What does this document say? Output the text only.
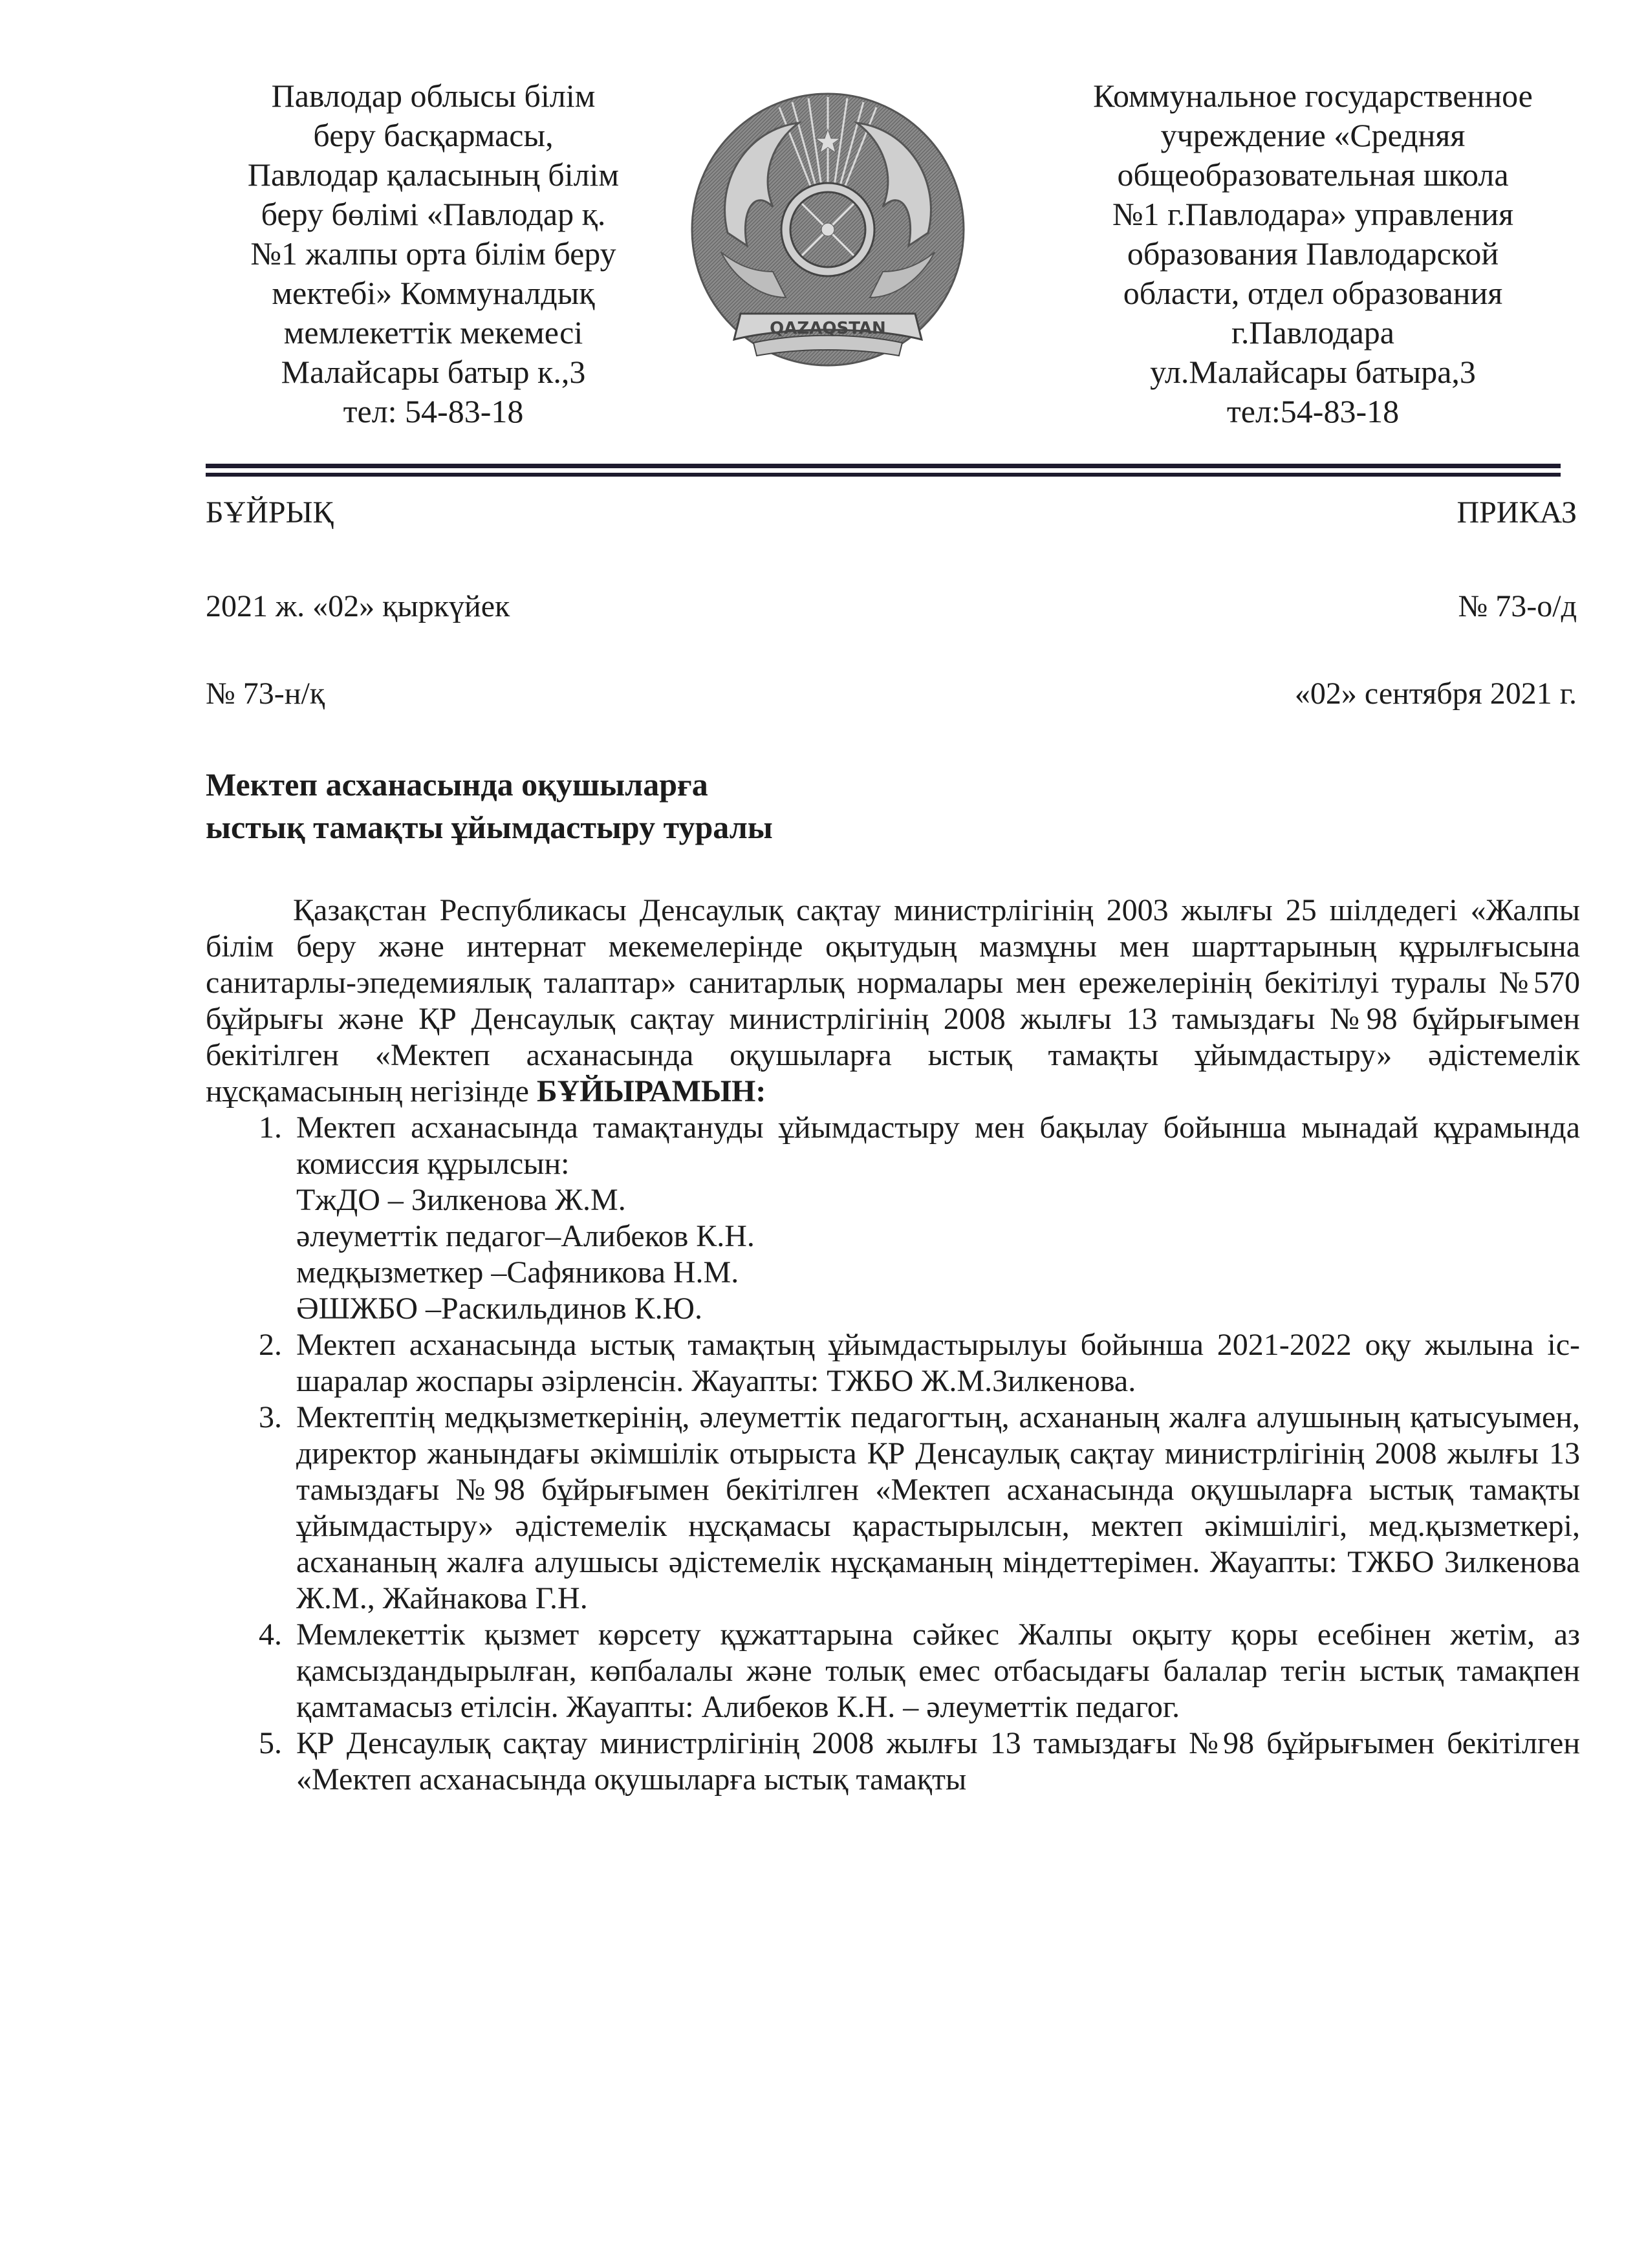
Павлодар облысы білім
беру басқармасы,
Павлодар қаласының білім
беру бөлімі «Павлодар қ.
№1 жалпы орта білім беру
мектебі» Коммуналдық
мемлекеттік мекемесі
Малайсары батыр к.,3
тел: 54-83-18
QAZAQSTAN
Коммунальное государственное
учреждение «Средняя
общеобразовательная школа
№1 г.Павлодара» управления
образования Павлодарской
области, отдел образования
г.Павлодара
ул.Малайсары батыра,3
тел:54-83-18
БҰЙРЫҚ	ПРИКАЗ
2021 ж. «02» қыркүйек	№ 73-о/д
№ 73-н/қ	«02» сентября 2021 г.
Мектеп асханасында оқушыларға
ыстық тамақты ұйымдастыру туралы

Қазақстан Республикасы Денсаулық сақтау министрлігінің 2003 жылғы 25 шілдедегі «Жалпы білім беру және интернат мекемелерінде оқытудың мазмұны мен шарттарының құрылғысына санитарлы-эпедемиялық талаптар» санитарлық нормалары мен ережелерінің бекітілуі туралы №570 бұйрығы және ҚР Денсаулық сақтау министрлігінің 2008 жылғы 13 тамыздағы №98 бұйрығымен бекітілген «Мектеп асханасында оқушыларға ыстық тамақты ұйымдастыру» әдістемелік нұсқамасының негізінде БҰЙЫРАМЫН:

1. Мектеп асханасында тамақтануды ұйымдастыру мен бақылау бойынша мынадай құрамында комиссия құрылсын:
ТжДО – Зилкенова Ж.М.
әлеуметтік педагог–Алибеков К.Н.
медқызметкер –Сафяникова Н.М.
ӘШЖБО –Раскильдинов К.Ю.
2. Мектеп асханасында ыстық тамақтың ұйымдастырылуы бойынша 2021-2022 оқу жылына іс-шаралар жоспары әзірленсін. Жауапты: ТЖБО Ж.М.Зилкенова.
3. Мектептің медқызметкерінің, әлеуметтік педагогтың, асхананың жалға алушының қатысуымен, директор жанындағы әкімшілік отырыста ҚР Денсаулық сақтау министрлігінің 2008 жылғы 13 тамыздағы №98 бұйрығымен бекітілген «Мектеп асханасында оқушыларға ыстық тамақты ұйымдастыру» әдістемелік нұсқамасы қарастырылсын, мектеп әкімшілігі, мед.қызметкері, асхананың жалға алушысы әдістемелік нұсқаманың міндеттерімен. Жауапты: ТЖБО Зилкенова Ж.М., Жайнакова Г.Н.
4. Мемлекеттік қызмет көрсету құжаттарына сәйкес Жалпы оқыту қоры есебінен жетім, аз қамсыздандырылған, көпбалалы және толық емес отбасыдағы балалар тегін ыстық тамақпен қамтамасыз етілсін. Жауапты: Алибеков К.Н. – әлеуметтік педагог.
5. ҚР Денсаулық сақтау министрлігінің 2008 жылғы 13 тамыздағы №98 бұйрығымен бекітілген «Мектеп асханасында оқушыларға ыстық тамақты
